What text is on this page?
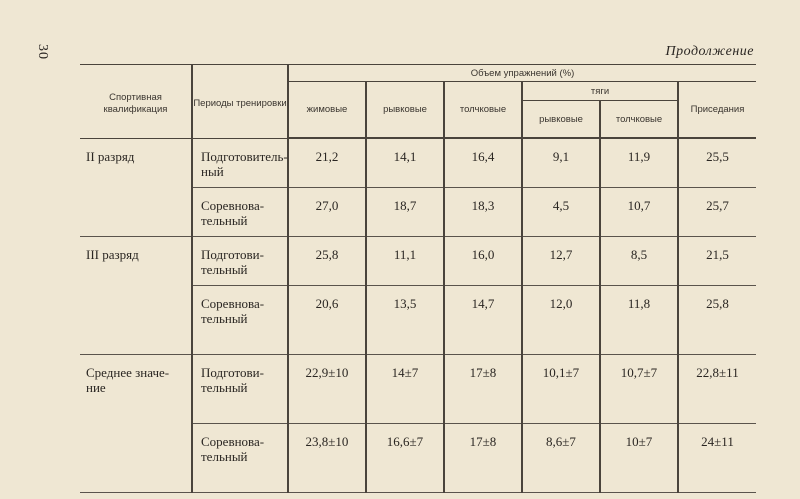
30	Продолжение
Спортивная квалификация	Периоды тренировки	Объем упражнений (%)					
		жимовые	рывковые	толчковые	тяги		Приседания
					рывковые	толчковые	
II разряд	Подготовитель-ный	21,2	14,1	16,4	9,1	11,9	25,5
	Соревнова-тельный	27,0	18,7	18,3	4,5	10,7	25,7
III разряд	Подготови-тельный	25,8	11,1	16,0	12,7	8,5	21,5
	Соревнова-тельный	20,6	13,5	14,7	12,0	11,8	25,8
Среднее значе-ние	Подготови-тельный	22,9±10	14±7	17±8	10,1±7	10,7±7	22,8±11
	Соревнова-тельный	23,8±10	16,6±7	17±8	8,6±7	10±7	24±11
